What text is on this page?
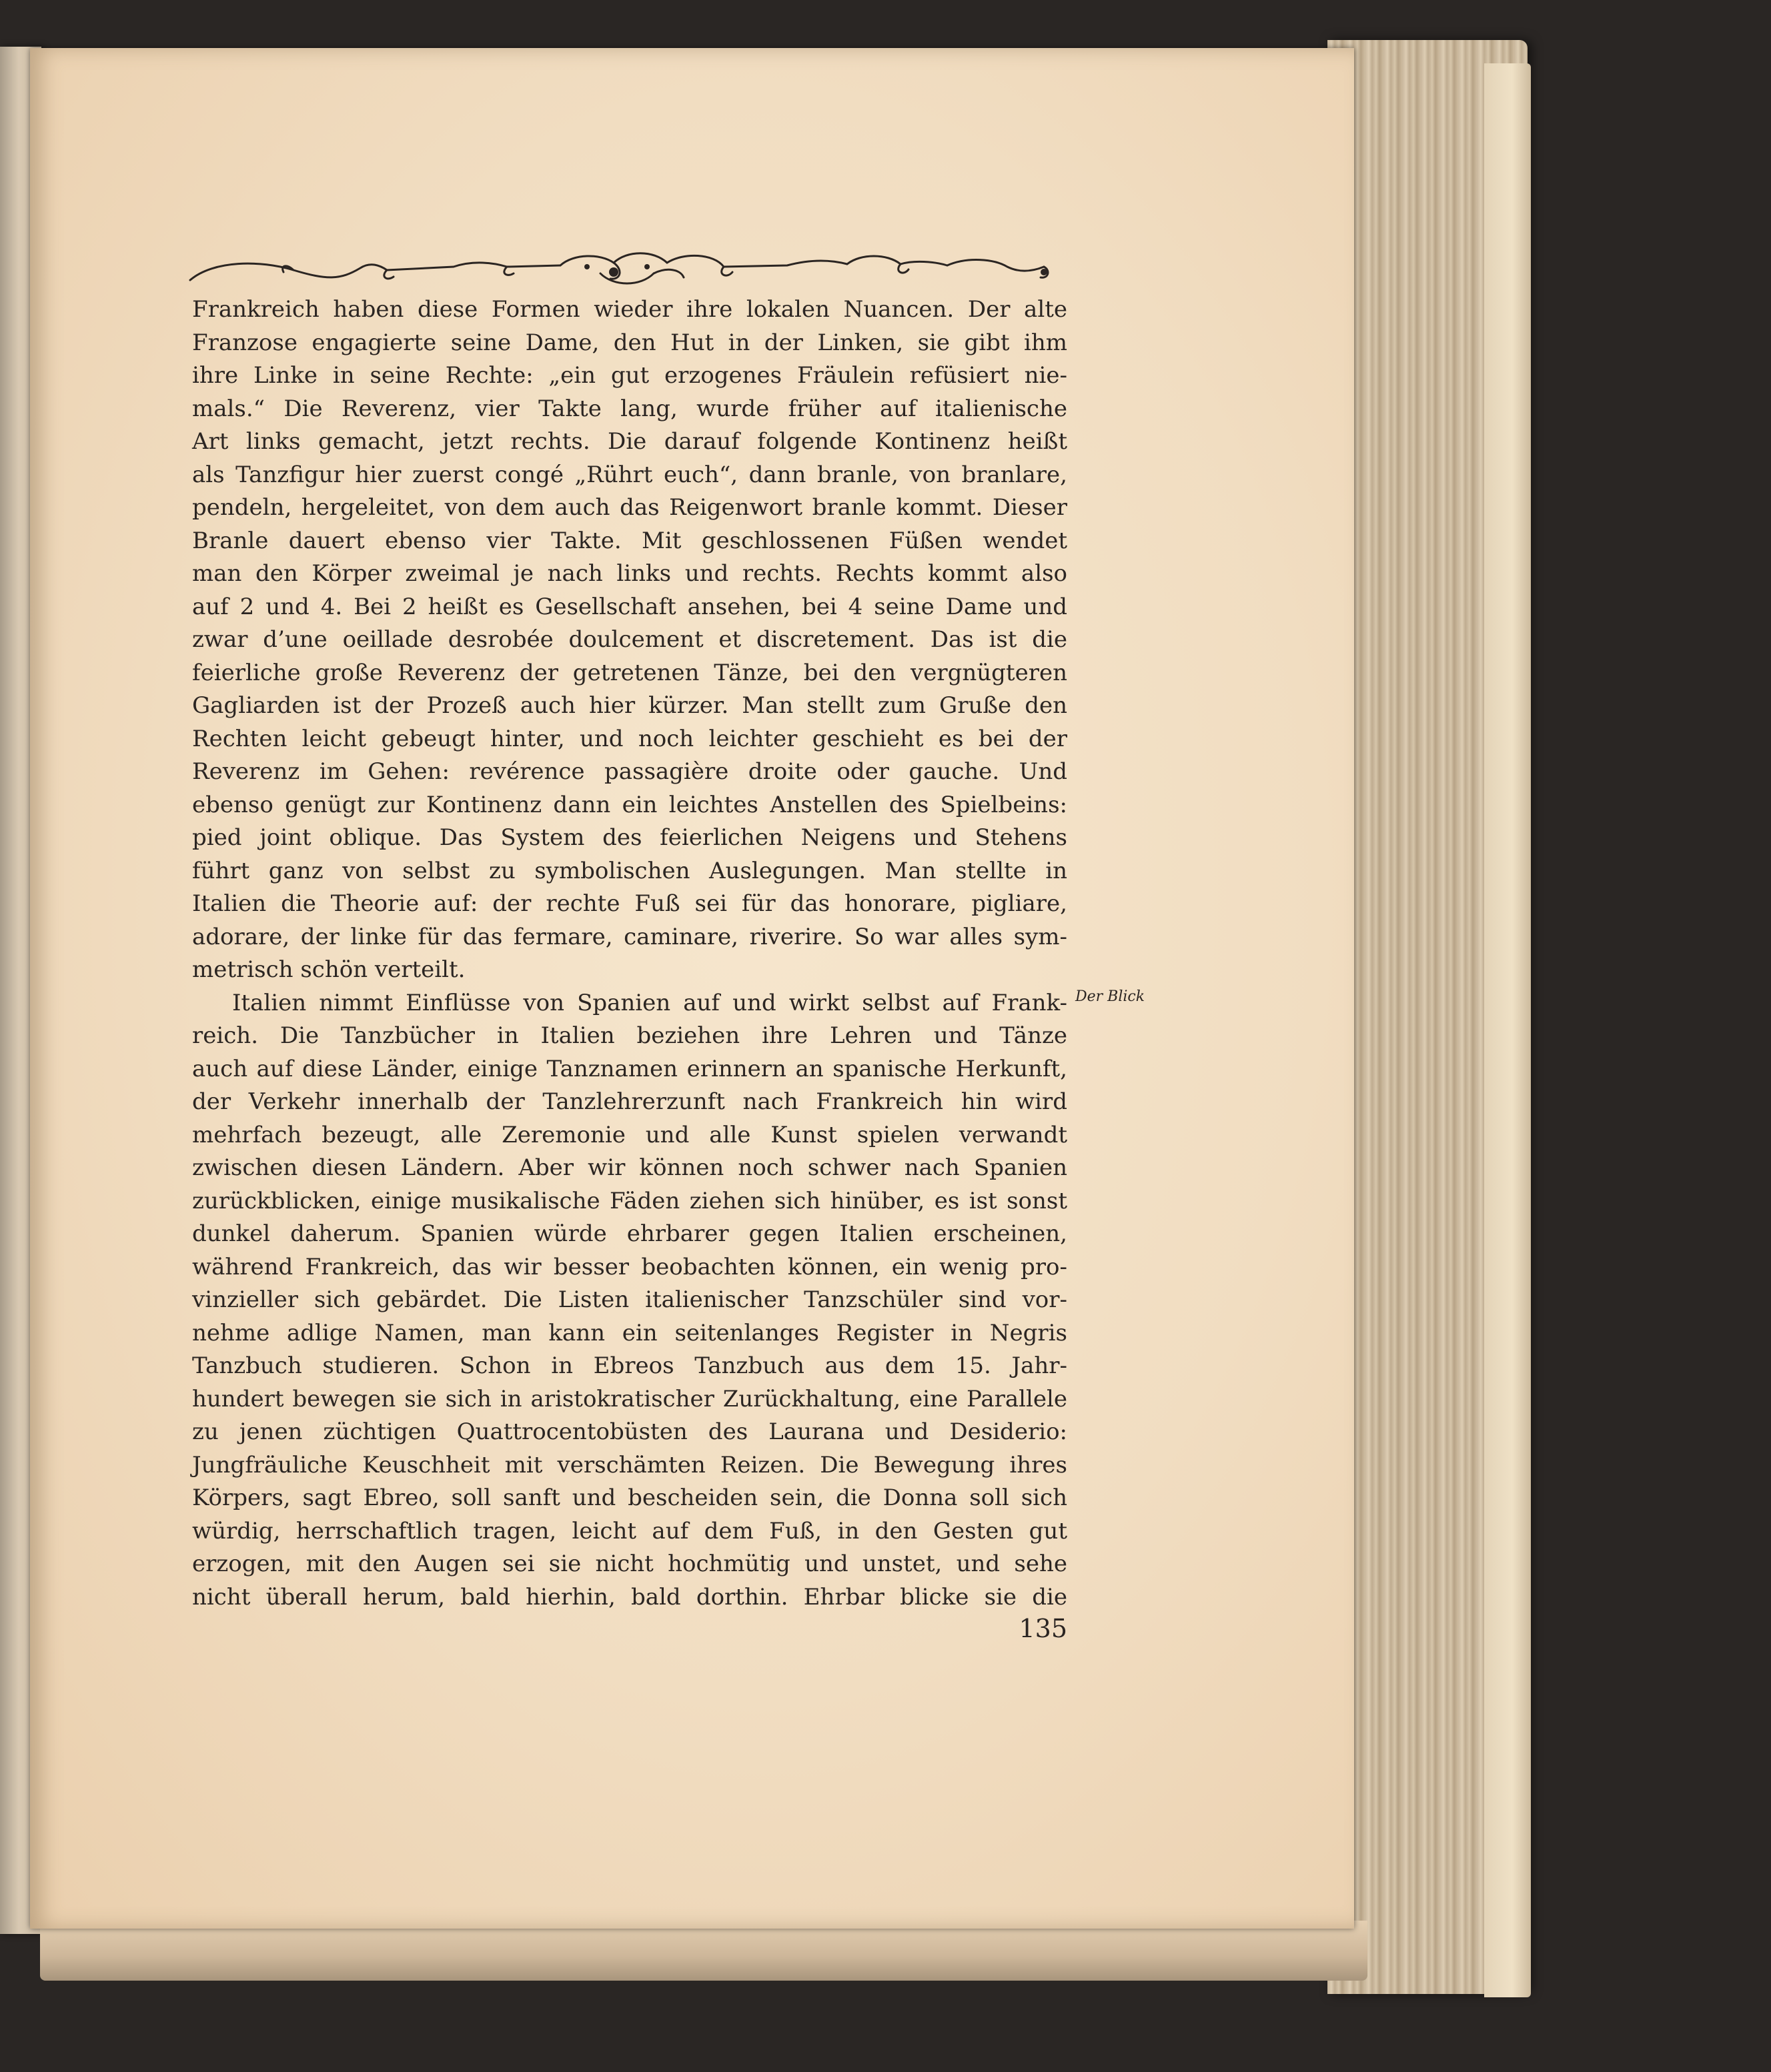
Frankreich haben diese Formen wieder ihre lokalen Nuancen. Der alte
Franzose engagierte seine Dame, den Hut in der Linken, sie gibt ihm
ihre Linke in seine Rechte: „ein gut erzogenes Fräulein refüsiert nie-
mals.“ Die Reverenz, vier Takte lang, wurde früher auf italienische
Art links gemacht, jetzt rechts. Die darauf folgende Kontinenz heißt
als Tanzfigur hier zuerst congé „Rührt euch“, dann branle, von branlare,
pendeln, hergeleitet, von dem auch das Reigenwort branle kommt. Dieser
Branle dauert ebenso vier Takte. Mit geschlossenen Füßen wendet
man den Körper zweimal je nach links und rechts. Rechts kommt also
auf 2 und 4. Bei 2 heißt es Gesellschaft ansehen, bei 4 seine Dame und
zwar d’une oeillade desrobée doulcement et discretement. Das ist die
feierliche große Reverenz der getretenen Tänze, bei den vergnügteren
Gagliarden ist der Prozeß auch hier kürzer. Man stellt zum Gruße den
Rechten leicht gebeugt hinter, und noch leichter geschieht es bei der
Reverenz im Gehen: revérence passagière droite oder gauche. Und
ebenso genügt zur Kontinenz dann ein leichtes Anstellen des Spielbeins:
pied joint oblique. Das System des feierlichen Neigens und Stehens
führt ganz von selbst zu symbolischen Auslegungen. Man stellte in
Italien die Theorie auf: der rechte Fuß sei für das honorare, pigliare,
adorare, der linke für das fermare, caminare, riverire. So war alles sym-
metrisch schön verteilt.
Italien nimmt Einflüsse von Spanien auf und wirkt selbst auf Frank-
reich. Die Tanzbücher in Italien beziehen ihre Lehren und Tänze
auch auf diese Länder, einige Tanznamen erinnern an spanische Herkunft,
der Verkehr innerhalb der Tanzlehrerzunft nach Frankreich hin wird
mehrfach bezeugt, alle Zeremonie und alle Kunst spielen verwandt
zwischen diesen Ländern. Aber wir können noch schwer nach Spanien
zurückblicken, einige musikalische Fäden ziehen sich hinüber, es ist sonst
dunkel daherum. Spanien würde ehrbarer gegen Italien erscheinen,
während Frankreich, das wir besser beobachten können, ein wenig pro-
vinzieller sich gebärdet. Die Listen italienischer Tanzschüler sind vor-
nehme adlige Namen, man kann ein seitenlanges Register in Negris
Tanzbuch studieren. Schon in Ebreos Tanzbuch aus dem 15. Jahr-
hundert bewegen sie sich in aristokratischer Zurückhaltung, eine Parallele
zu jenen züchtigen Quattrocentobüsten des Laurana und Desiderio:
Jungfräuliche Keuschheit mit verschämten Reizen. Die Bewegung ihres
Körpers, sagt Ebreo, soll sanft und bescheiden sein, die Donna soll sich
würdig, herrschaftlich tragen, leicht auf dem Fuß, in den Gesten gut
erzogen, mit den Augen sei sie nicht hochmütig und unstet, und sehe
nicht überall herum, bald hierhin, bald dorthin. Ehrbar blicke sie die
Der Blick
135
